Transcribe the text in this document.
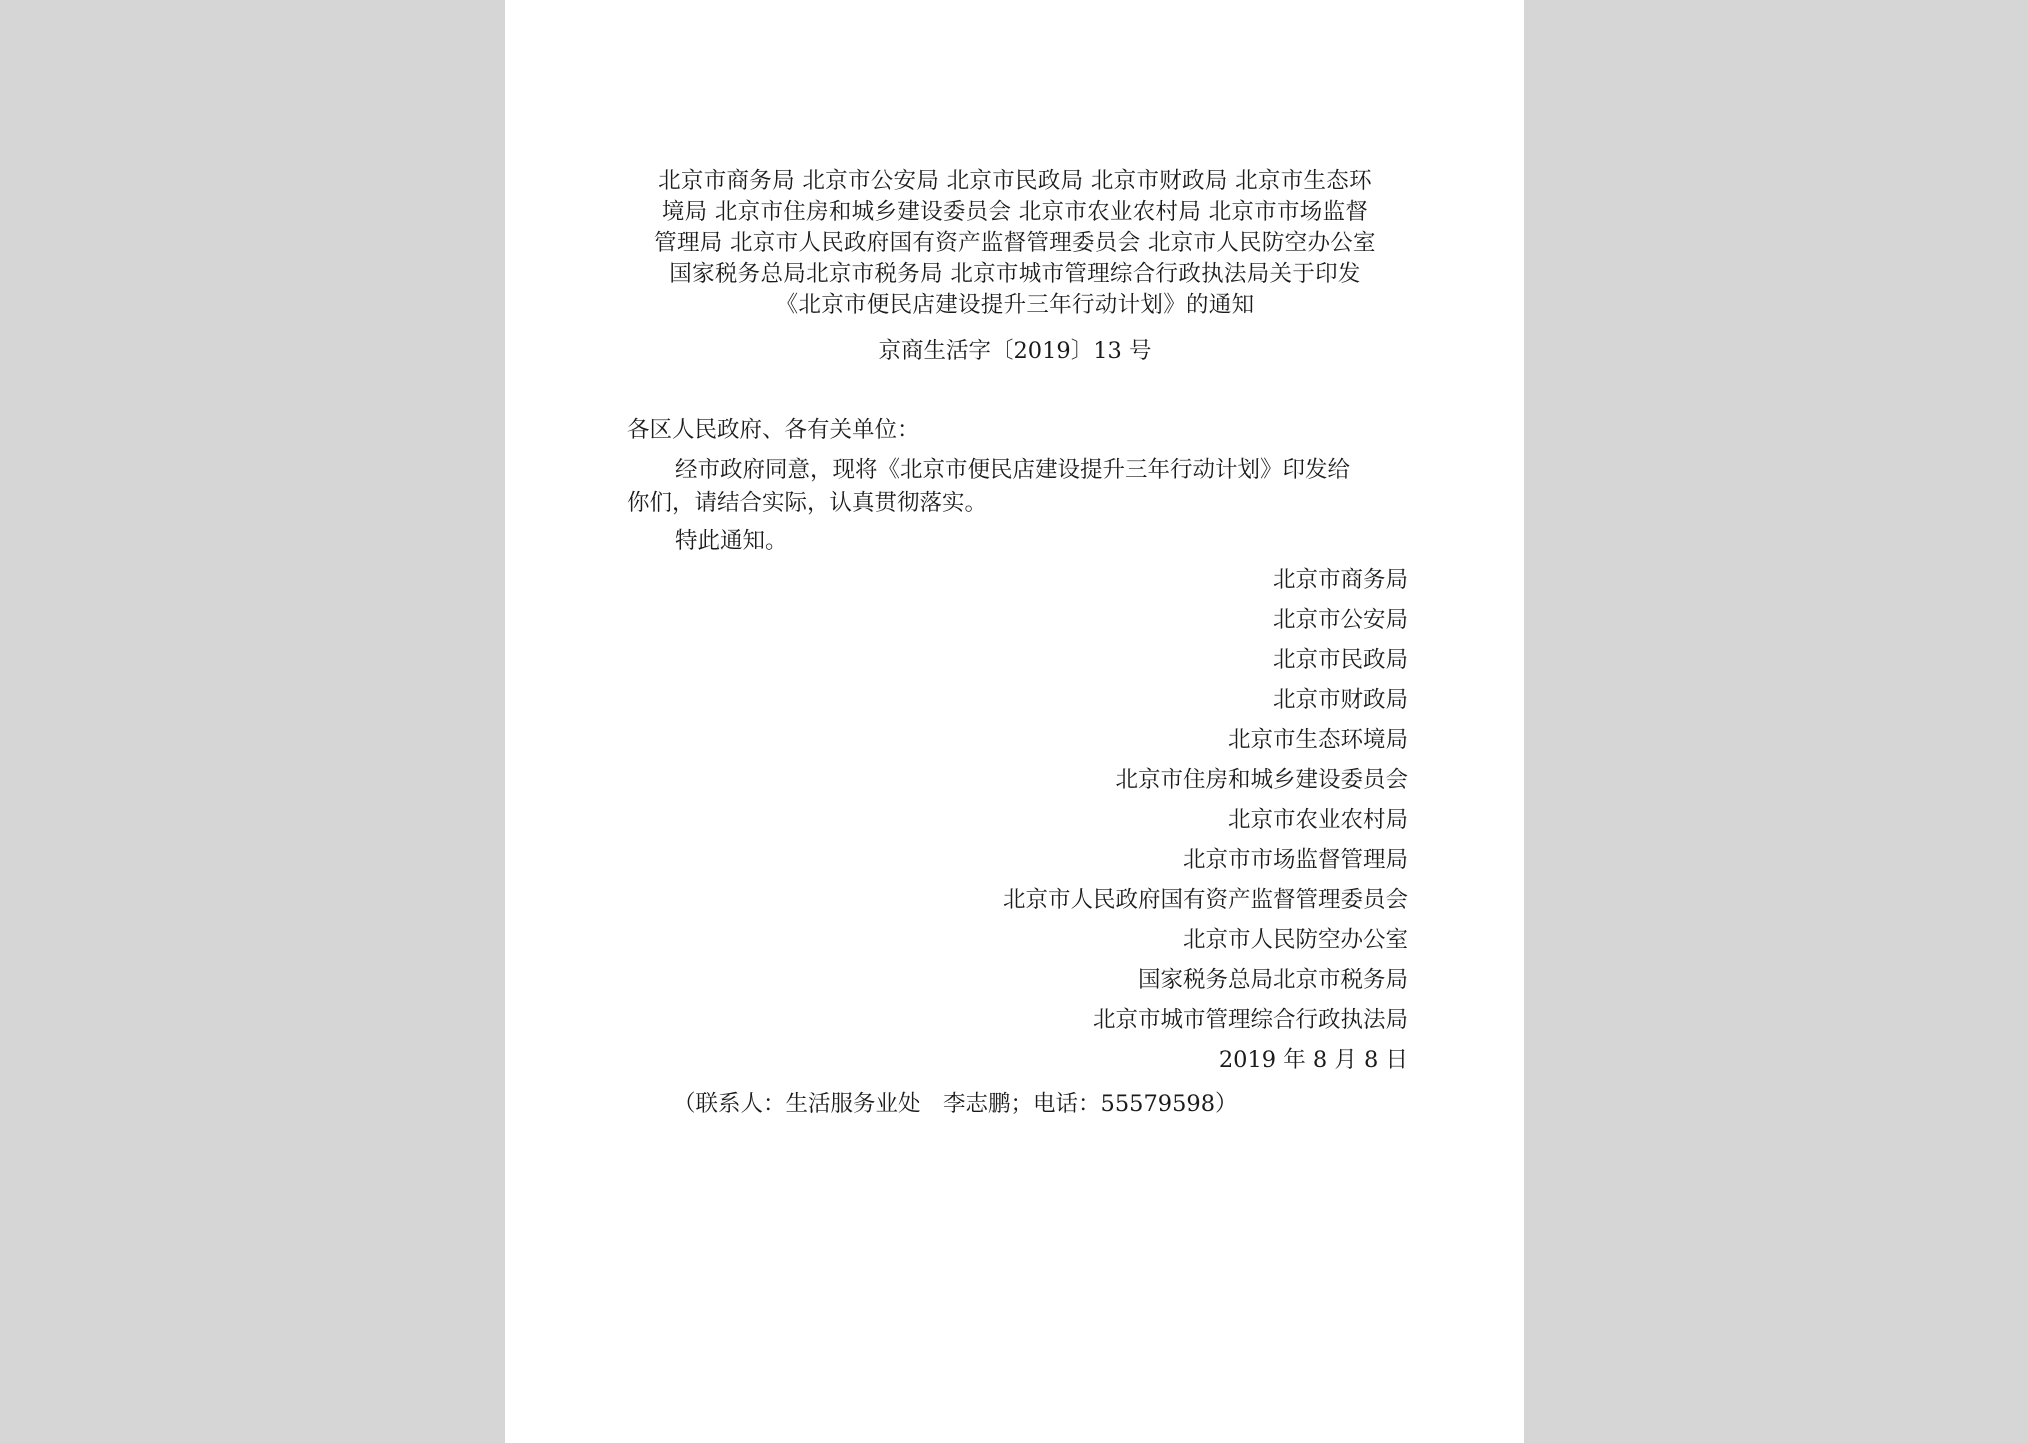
北京市商务局 北京市公安局 北京市民政局 北京市财政局 北京市生态环
境局 北京市住房和城乡建设委员会 北京市农业农村局 北京市市场监督
管理局 北京市人民政府国有资产监督管理委员会 北京市人民防空办公室
国家税务总局北京市税务局 北京市城市管理综合行政执法局关于印发
《北京市便民店建设提升三年行动计划》的通知
京商生活字〔2019〕13 号
各区人民政府、各有关单位：
经市政府同意，现将《北京市便民店建设提升三年行动计划》印发给
你们，请结合实际，认真贯彻落实。
特此通知。
北京市商务局
北京市公安局
北京市民政局
北京市财政局
北京市生态环境局
北京市住房和城乡建设委员会
北京市农业农村局
北京市市场监督管理局
北京市人民政府国有资产监督管理委员会
北京市人民防空办公室
国家税务总局北京市税务局
北京市城市管理综合行政执法局
2019 年 8 月 8 日
（联系人：生活服务业处　李志鹏；电话：55579598）
